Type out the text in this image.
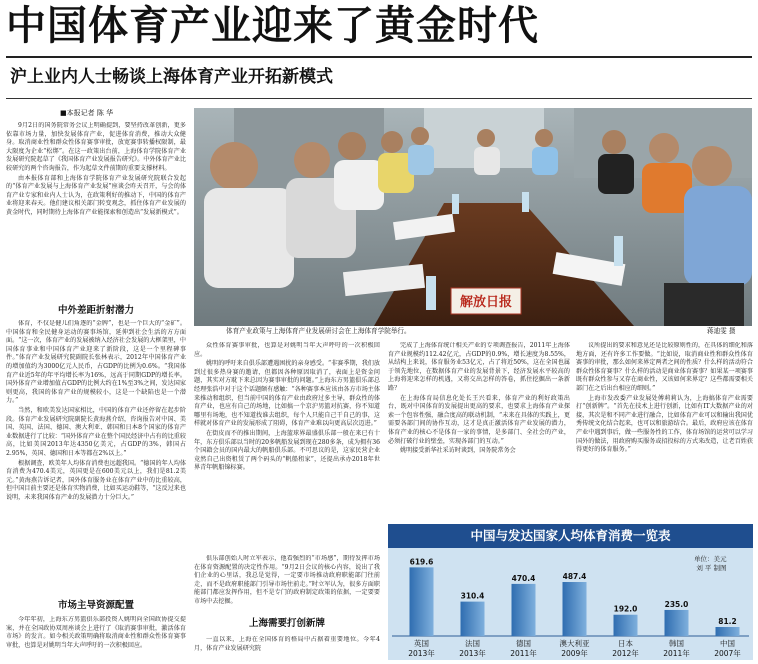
中国体育产业迎来了黄金时代
沪上业内人士畅谈上海体育产业开拓新模式
■本报记者 陈 华

9月2日的国务院常务会议上明确提到，要坚持改革创新，更多依靠市场力量，加快发展体育产业，促进体育消费，推动大众健身。取消商业性和群众性体育赛事审批，放宽赛事转播权限制，最大限度为企业“松绑”。在这一政策出台前，上海体育学院体育产业发展研究院起草了《我国体育产业发展报告研究》。中外体育产业比较研究的两个咨询报告，作为起草文件前期的重要支撑材料。

由本报体育部和上海体育学院体育产业发展研究院联合发起的“体育产业发展与上海体育产业发展”座谈会昨天召开，与会的体育产业专家和业内人士认为，在政策利好的推动下，中国的体育产业将迎来春天。他们建议相关部门转变观念，抓住体育产业发展的黄金时代，同时期待上海体育产业能探索和创造出“发展新模式”。

中外差距折射潜力

体育，不仅是健儿们角逐的“金牌”，也是一个巨大的“金矿”。中国体育和全民健身运动的赛事场馆，延伸到社会生活的方方面面。“这一次，体育产业的发展被纳入经济社会发展的大框架里，中国体育事业和中国体育产业迎来了新阶段，这是一个里程碑事件。”体育产业发展研究院副院长张林表示，2012年中国体育产业的增加值约为3000亿元人民币，占GDP的比例为0.6%。“我国体育产业近5年的年平均增长率为16%，远高于同期GDP的增长率。国外体育产业增加值占GDP的比例大约在1%至3%之间，发达国家则更高，我国的体育产业的规模较小，这是一个缺陷也是一个潜力。”

当然，和欧美发达国家相比，中国的体育产业还停留在起步阶段。体育产业发展研究院副院长黄海燕介绍，咨询报告对中国、美国、英国、法国、德国、澳大利亚、韩国和日本8个国家的体育产业数据进行了比较：“国外体育产业在整个国民经济中占有的比重较高，比如美国2013年达4350亿美元，占GDP的3%，韩国占2.95%，英国、德国和日本等都在2%以上。”

根据调查，欧美年人均体育消费也远超我国。“德国的年人均体育消费为470.4美元，英国更是在600美元以上，我们是81.2美元。”黄海燕告诉记者，国外体育服务业在体育产业中的比重较高，但中国目前主要还是体育实物消费，比如买运动鞋等，“这反过来也说明，未来我国体育产业的发展潜力十分巨大。”

市场主导资源配置

今年年初，上海东方男篮俱乐部投资人姚明向全国政协提交提案，并在全国政协双周座谈会上进行了《取消赛事审批，激活体育市场》的发言。如今相关政策明确将取消商业性和群众性体育赛事审批，也算是对姚明当年大声呼吁的一次积极回应。

解放日报
体育产业政策与上海体育产业发展研讨会在上海体育学院举行。	蒋迪雯 摄

众性体育赛事审批，也算是对姚明当年大声呼吁的一次积极回应。

姚明的呼吁来自俱乐部遭遇困扰的亲身感受。“非赛季期，我们放到过很多热身赛的邀请，但都因各种原因取消了，表面上是资金问题，其实对方耽下来总因为赛事审批的问题。”上海东方男篮俱乐部总经理张浩中对于这个话题颇有感触：“各种赛事本应该由各方市场主体来推动和组织，但当前中国的体育产业由政府过多主导，群众性的体育产业，也应有自己的场地，比如搞一个京沪男篮对抗赛，你不知道哪里有场地，也不知道找谁去组织，每个人只能自己干自己的事，这样就对体育产业的发展形成了阻碍，体育产业难以向更高层次迈进。”

在街皮而不的推出期间，上海篮球界最盛俱乐部一般在来已有十年，东方俱乐部以当时的20多帆船发展到现在280多条，成为拥有36个国籍会员的国内最大的帆船俱乐部。不可思议的是，这家民营企业竟然自己出资租赁了两个码头的“帆船租家”，还提出承办2018年世界青年帆船锦标赛。

俱乐部创始人时立军表示，他看强烈的“市场感”，期待发挥市场在体育资源配置的决定性作用。“9月2日会议的核心内容，说出了我们企业的心里话，我总是觉得，一定要市场推动政府职能部门往前走，而不是政府职能部门引导市场往前走。”时立军认为，很多方面职能部门都应发挥作用，但不是专门的政府制定政策的依据，一定要要市场中去挖掘。

上海需要打创新牌

一直以来，上海在全国体育的格局中占据着重要地位。今年4月，体育产业发展研究院

完成了上海体育统计相关产业的专项调查报告，2011年上海体育产业规模约112.42亿元，占GDP的0.9%，增长速度为8.55%，从结构上来说，体育服务业53亿元，占了将近50%，这在全国也属于领先地位，在数据体育产业的发展背景下，经济发展水平较高的上海将迎来怎样的机遇，又将交出怎样的答卷，抓住挖掘出一条新路？

在上海体育局信息化处长王兴看来，体育产业的利好政策出台，既对中国体育的发展提出更高的要求，也要求上海体育产业探索一个包容性强，融合度高的联动机制，“未来在具体的实践上，更需要各部门间的协作互动，这才是真正激活体育产业发展的潜力，体育产业的核心不是体育一家的事情，是多部门、全社会的产业，必须打破行业的壁垒，实现各部门的互动。”

姚明接受新华社采访时谈到，国务院常务会

议所提出的要求和意见还是比较原则性的，在具体的细化和落地方面，还有许多工作要做。“比如说，取消商业性和群众性体育赛事的审批，那么如何来界定两者之间的性质？什么样的活动符合群众性体育赛事？什么样的活动是商业体育赛事？如果某一项赛事既有群众性参与又存在商业性，又该如何来界定？这些都需要相关部门在之后出台相应的细则。”

上海市发改委产业发展处傅莉莉认为，上海搞体育产业需要打“创新牌”。“首先在技术上进行创新，比如有IT大数据产业的对接，其次是和不同产业进行融合，比如体育产业可以和输出我国优秀传统文化结合起来，也可以和旅游结合。最后，政府应该在体育产业中遇到事后，做一些服务性的工作，体育场馆的运营可以学习国外的做法，用政府购买服务或招投标的方式来改造，让老百姓获得更好的体育服务。”

中国与发达国家人均体育消费一览表
单位：美元
刘 平 制图
619.6
英国
2013年
310.4
法国
2013年
470.4
德国
2011年
487.4
澳大利亚
2009年
192.0
日本
2012年
235.0
韩国
2011年
81.2
中国
2007年
